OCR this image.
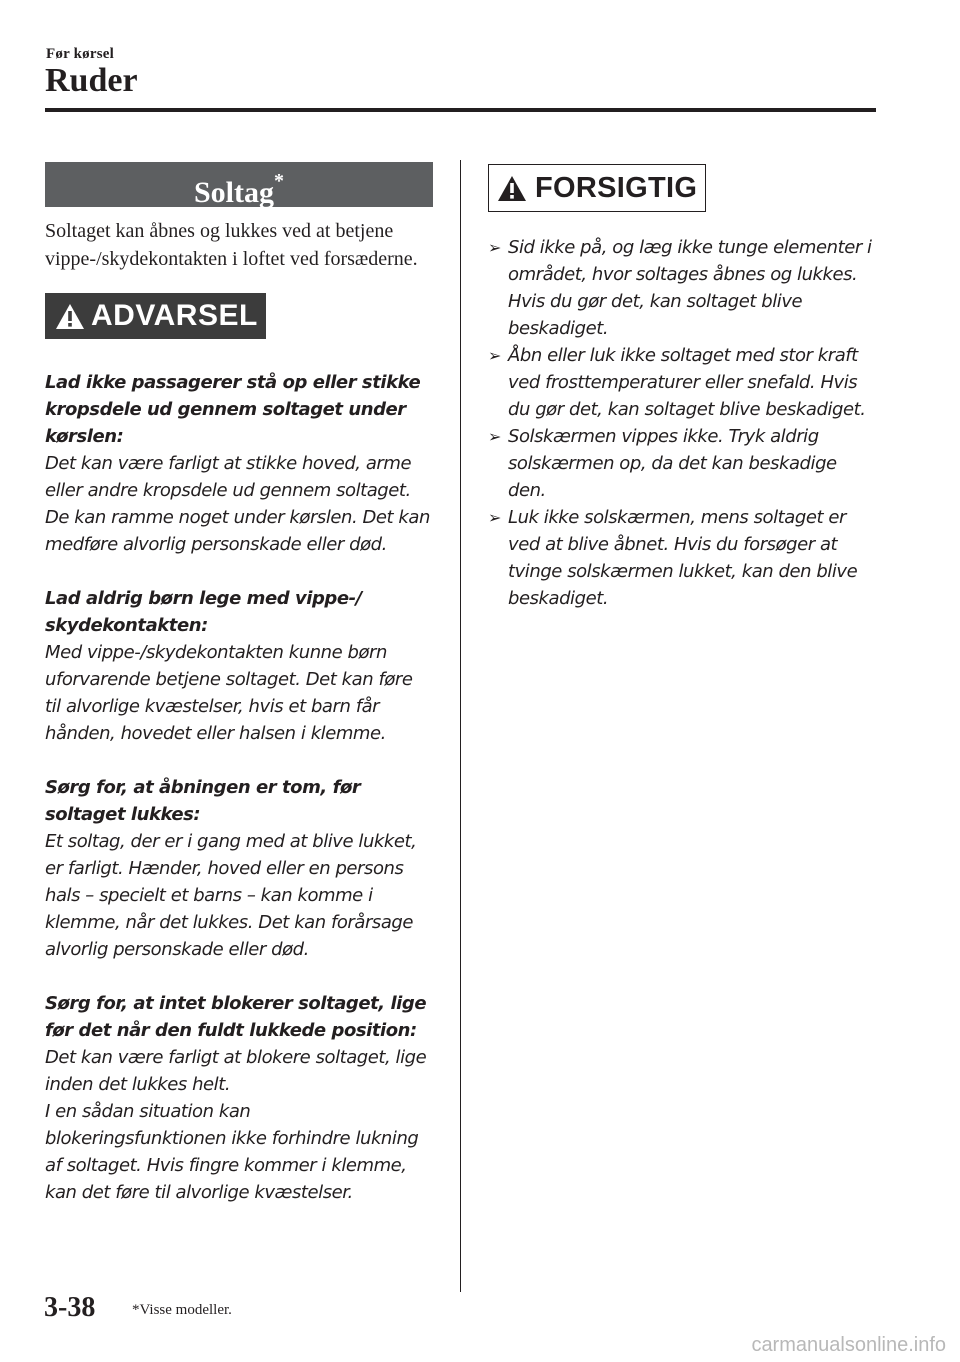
Før kørsel
Ruder
Soltag*

Soltaget kan åbnes og lukkes ved at betjene vippe-/skydekontakten i loftet ved forsæderne.

ADVARSEL
Lad ikke passagerer stå op eller stikke kropsdele ud gennem soltaget under kørslen:
Det kan være farligt at stikke hoved, arme eller andre kropsdele ud gennem soltaget. De kan ramme noget under kørslen. Det kan medføre alvorlig personskade eller død.
Lad aldrig børn lege med vippe-/ skydekontakten:
Med vippe-/skydekontakten kunne børn uforvarende betjene soltaget. Det kan føre til alvorlige kvæstelser, hvis et barn får hånden, hovedet eller halsen i klemme.
Sørg for, at åbningen er tom, før soltaget lukkes:
Et soltag, der er i gang med at blive lukket, er farligt. Hænder, hoved eller en persons hals – specielt et barns – kan komme i klemme, når det lukkes. Det kan forårsage alvorlig personskade eller død.
Sørg for, at intet blokerer soltaget, lige før det når den fuldt lukkede position:
Det kan være farligt at blokere soltaget, lige inden det lukkes helt.
I en sådan situation kan blokeringsfunktionen ikke forhindre lukning af soltaget. Hvis fingre kommer i klemme, kan det føre til alvorlige kvæstelser.
FORSIGTIG
➢ Sid ikke på, og læg ikke tunge elementer i området, hvor soltages åbnes og lukkes. Hvis du gør det, kan soltaget blive beskadiget.
➢ Åbn eller luk ikke soltaget med stor kraft ved frosttemperaturer eller snefald. Hvis du gør det, kan soltaget blive beskadiget.
➢ Solskærmen vippes ikke. Tryk aldrig solskærmen op, da det kan beskadige den.
➢ Luk ikke solskærmen, mens soltaget er ved at blive åbnet. Hvis du forsøger at tvinge solskærmen lukket, kan den blive beskadiget.
3-38 *Visse modeller.
carmanualsonline.info
